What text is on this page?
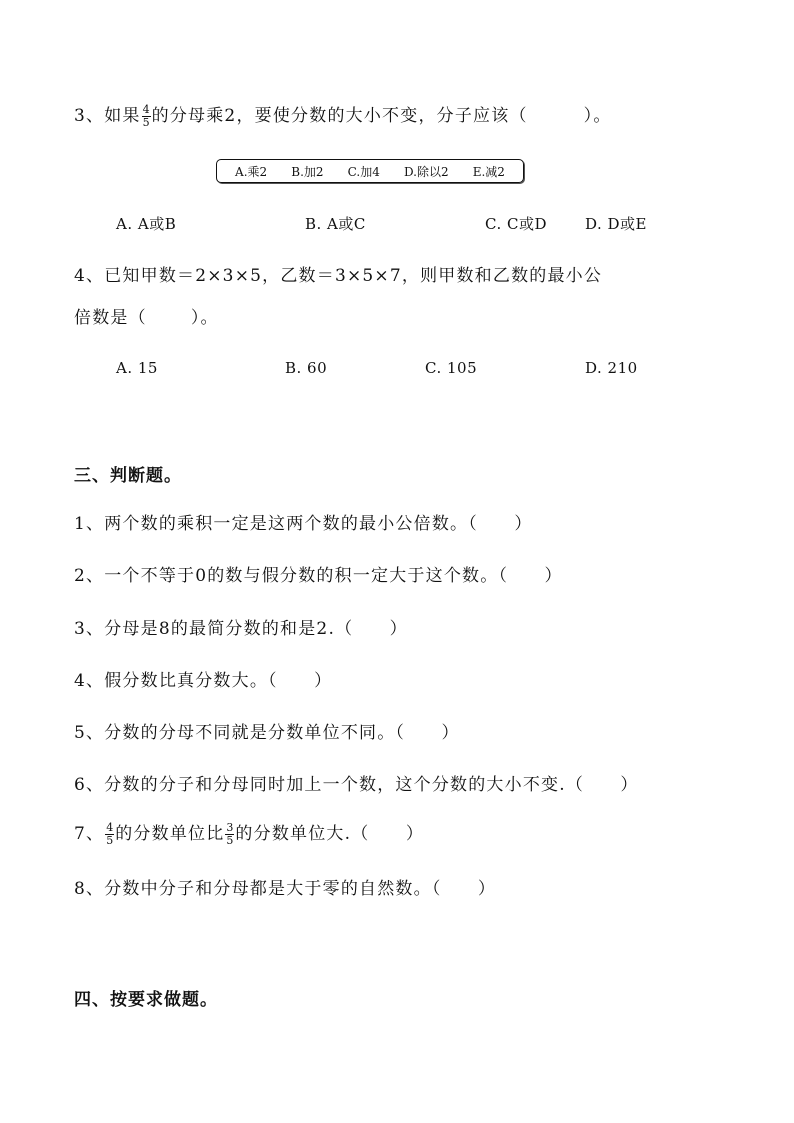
3、如果 $\frac{4}{5}$ 的分母乘2，要使分数的大小不变，分子应该（	）。
A.乘2 B.加2 C.加4 D.除以2 E.减2
A. A或B	B. A或C	C. C或D	D. D或E
4、已知甲数＝2×3×5，乙数＝3×5×7，则甲数和乙数的最小公
倍数是（	）。
A. 15	B. 60	C. 105	D. 210
三、判断题。
1、两个数的乘积一定是这两个数的最小公倍数。（　　）
2、一个不等于0的数与假分数的积一定大于这个数。（　　）
3、分母是8的最简分数的和是2.（　　）
4、假分数比真分数大。（　　）
5、分数的分母不同就是分数单位不同。（　　）
6、分数的分子和分母同时加上一个数，这个分数的大小不变.（　　）
7、 $\frac{4}{5}$ 的分数单位比 $\frac{3}{5}$ 的分数单位大.（　　）
8、分数中分子和分母都是大于零的自然数。（　　）
四、按要求做题。
